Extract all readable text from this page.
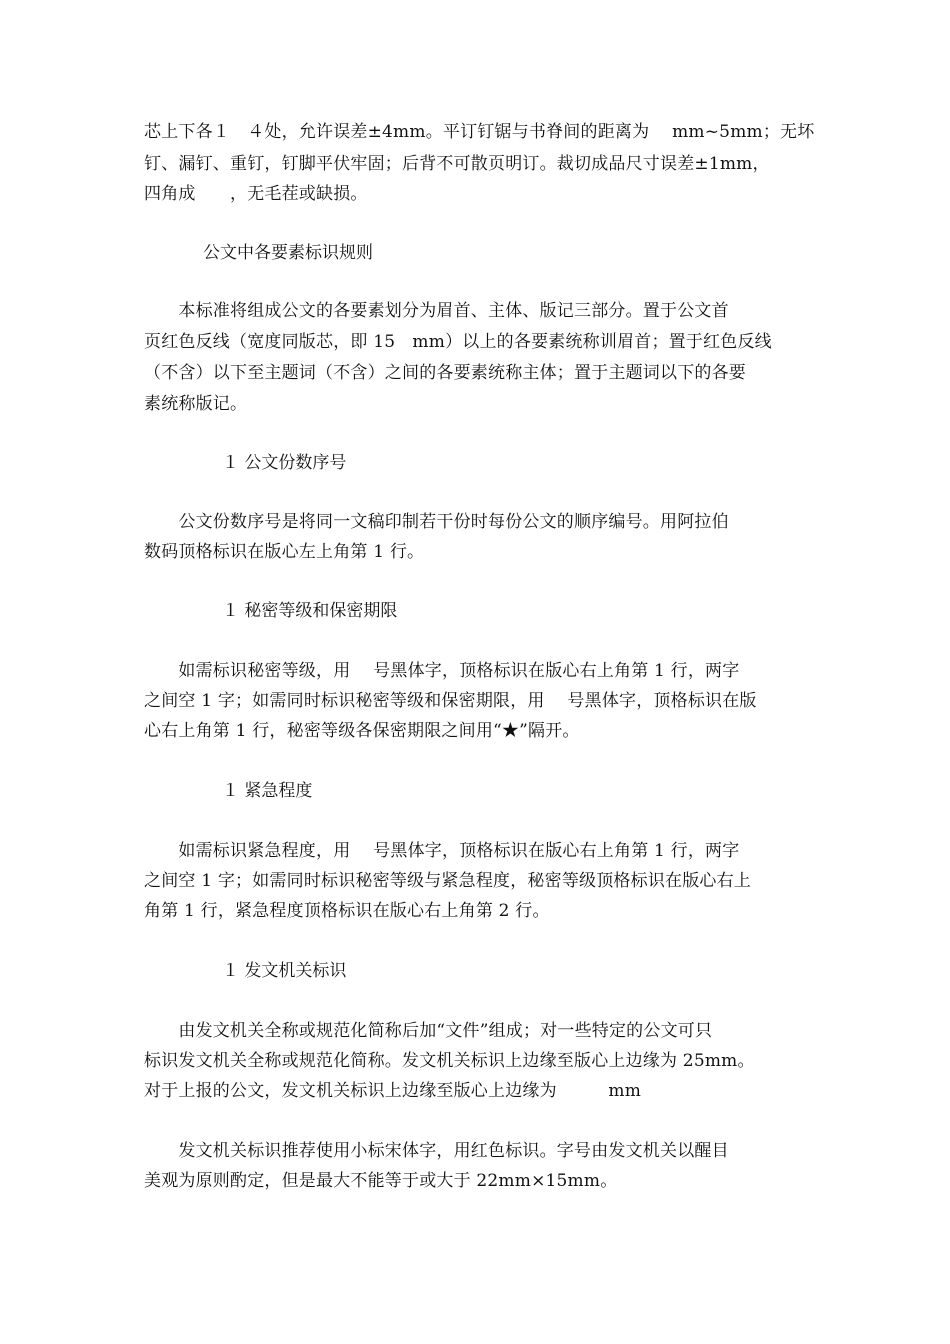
芯上下各１　４处，允许误差±4mm。平订钉锯与书脊间的距离为　 mm~5mm；无坏
钉、漏钉、重钉，钉脚平伏牢固；后背不可散页明订。裁切成品尺寸误差±1mm，
四角成　　，无毛茬或缺损。
公文中各要素标识规则
　　本标准将组成公文的各要素划分为眉首、主体、版记三部分。置于公文首
页红色反线（宽度同版芯，即 15　mm）以上的各要素统称训眉首；置于红色反线
（不含）以下至主题词（不含）之间的各要素统称主体；置于主题词以下的各要
素统称版记。
１ 公文份数序号
　　公文份数序号是将同一文稿印制若干份时每份公文的顺序编号。用阿拉伯
数码顶格标识在版心左上角第 1 行。
１ 秘密等级和保密期限
　　如需标识秘密等级，用　 号黑体字，顶格标识在版心右上角第 1 行，两字
之间空 1 字；如需同时标识秘密等级和保密期限，用　 号黑体字，顶格标识在版
心右上角第 1 行，秘密等级各保密期限之间用“★”隔开。
１ 紧急程度
　　如需标识紧急程度，用　 号黑体字，顶格标识在版心右上角第 1 行，两字
之间空 1 字；如需同时标识秘密等级与紧急程度，秘密等级顶格标识在版心右上
角第 1 行，紧急程度顶格标识在版心右上角第 2 行。
１ 发文机关标识
　　由发文机关全称或规范化简称后加“文件”组成；对一些特定的公文可只
标识发文机关全称或规范化简称。发文机关标识上边缘至版心上边缘为 25mm。
对于上报的公文，发文机关标识上边缘至版心上边缘为　　　mm
　　发文机关标识推荐使用小标宋体字，用红色标识。字号由发文机关以醒目
美观为原则酌定，但是最大不能等于或大于 22mm×15mm。
